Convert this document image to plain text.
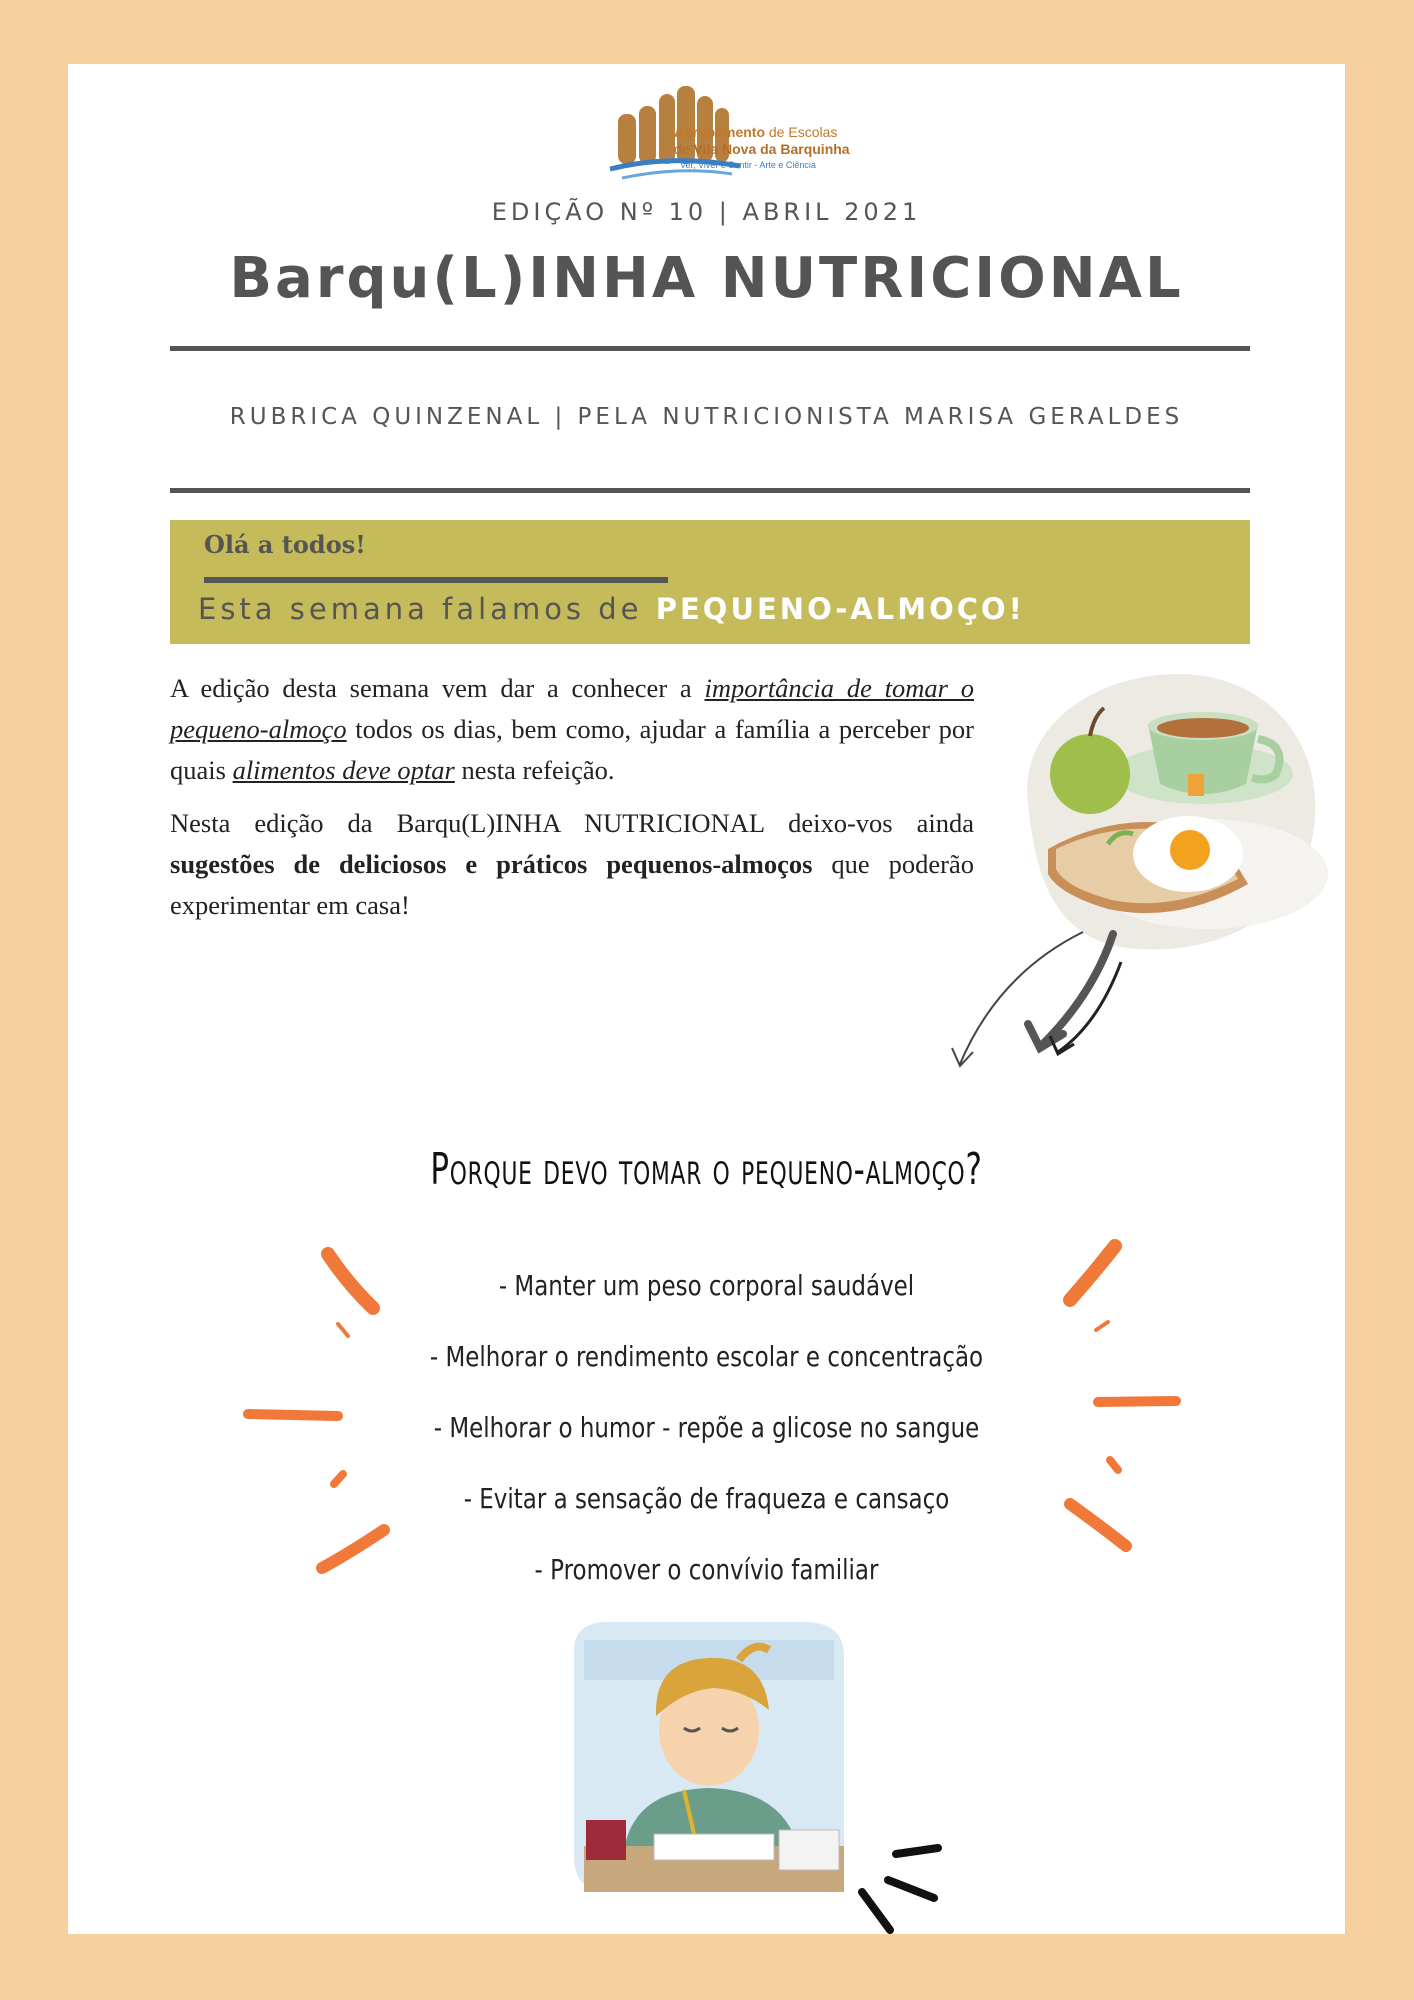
Agrupamento de Escolas
de Vila Nova da Barquinha
Ver, Viver e Sentir - Arte e Ciência
EDIÇÃO Nº 10 | ABRIL 2021
Barqu(L)INHA NUTRICIONAL
RUBRICA QUINZENAL | PELA NUTRICIONISTA MARISA GERALDES
Olá a todos!
Esta semana falamos de PEQUENO-ALMOÇO!

A edição desta semana vem dar a conhecer a importância de tomar o pequeno-almoço todos os dias, bem como, ajudar a família a perceber por quais alimentos deve optar nesta refeição.

Nesta edição da Barqu(L)INHA NUTRICIONAL deixo-vos ainda sugestões de deliciosos e práticos pequenos-almoços que poderão experimentar em casa!

Porque devo tomar o pequeno-almoço?
- Manter um peso corporal saudável
- Melhorar o rendimento escolar e concentração
- Melhorar o humor - repõe a glicose no sangue
- Evitar a sensação de fraqueza e cansaço
- Promover o convívio familiar
